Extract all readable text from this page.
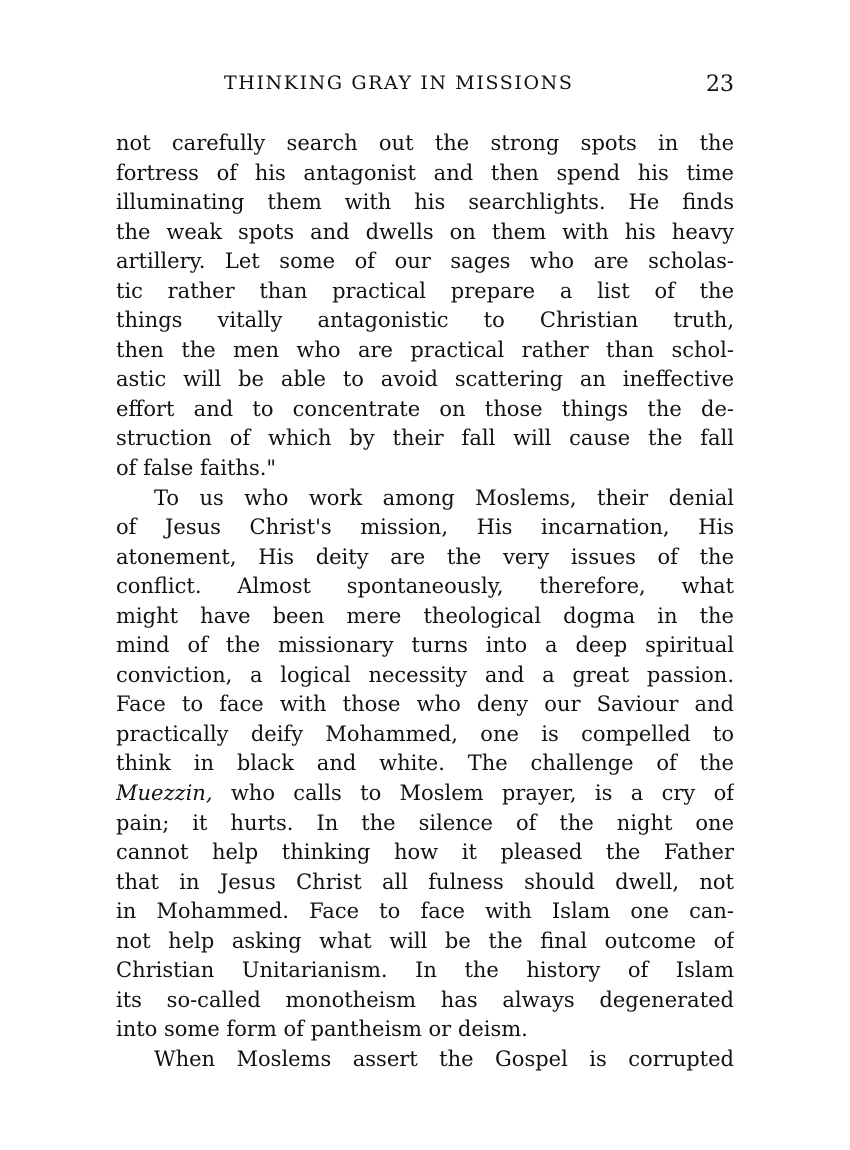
THINKING GRAY IN MISSIONS	23
not carefully search out the strong spots in the
fortress of his antagonist and then spend his time
illuminating them with his searchlights. He finds
the weak spots and dwells on them with his heavy
artillery. Let some of our sages who are scholas-
tic rather than practical prepare a list of the
things vitally antagonistic to Christian truth,
then the men who are practical rather than schol-
astic will be able to avoid scattering an ineffective
effort and to concentrate on those things the de-
struction of which by their fall will cause the fall
of false faiths."
To us who work among Moslems, their denial
of Jesus Christ's mission, His incarnation, His
atonement, His deity are the very issues of the
conflict. Almost spontaneously, therefore, what
might have been mere theological dogma in the
mind of the missionary turns into a deep spiritual
conviction, a logical necessity and a great passion.
Face to face with those who deny our Saviour and
practically deify Mohammed, one is compelled to
think in black and white. The challenge of the
Muezzin, who calls to Moslem prayer, is a cry of
pain; it hurts. In the silence of the night one
cannot help thinking how it pleased the Father
that in Jesus Christ all fulness should dwell, not
in Mohammed. Face to face with Islam one can-
not help asking what will be the final outcome of
Christian Unitarianism. In the history of Islam
its so-called monotheism has always degenerated
into some form of pantheism or deism.
When Moslems assert the Gospel is corrupted
